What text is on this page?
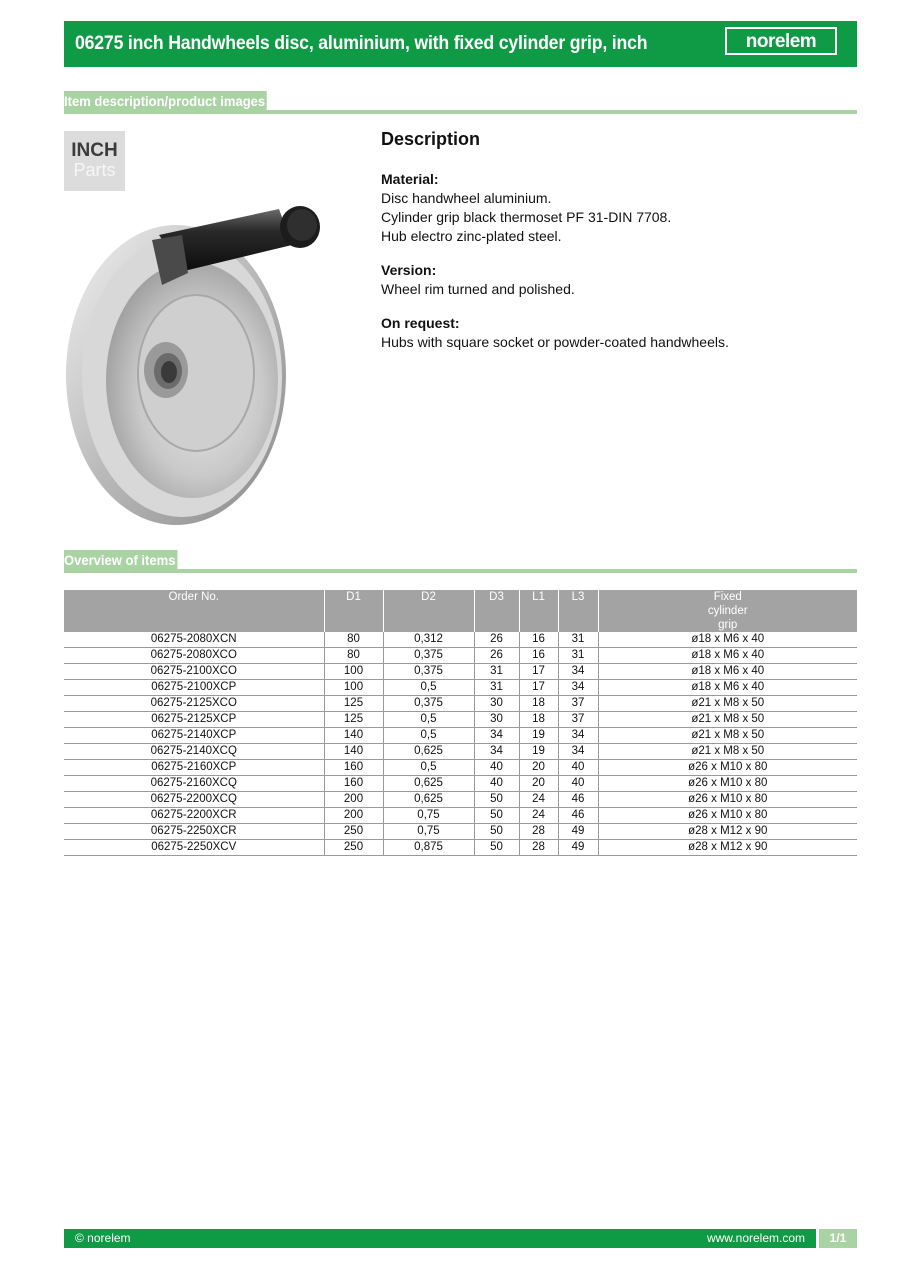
06275 inch Handwheels disc, aluminium, with fixed cylinder grip, inch	norelem
Item description/product images
INCH
Parts
Description
Material:
Disc handwheel aluminium.
Cylinder grip black thermoset PF 31-DIN 7708.
Hub electro zinc-plated steel.
Version:
Wheel rim turned and polished.
On request:
Hubs with square socket or powder-coated handwheels.
Overview of items
Order No.	D1	D2	D3	L1	L3	Fixed cylinder grip
06275-2080XCN	80	0,312	26	16	31	ø18 x M6 x 40
06275-2080XCO	80	0,375	26	16	31	ø18 x M6 x 40
06275-2100XCO	100	0,375	31	17	34	ø18 x M6 x 40
06275-2100XCP	100	0,5	31	17	34	ø18 x M6 x 40
06275-2125XCO	125	0,375	30	18	37	ø21 x M8 x 50
06275-2125XCP	125	0,5	30	18	37	ø21 x M8 x 50
06275-2140XCP	140	0,5	34	19	34	ø21 x M8 x 50
06275-2140XCQ	140	0,625	34	19	34	ø21 x M8 x 50
06275-2160XCP	160	0,5	40	20	40	ø26 x M10 x 80
06275-2160XCQ	160	0,625	40	20	40	ø26 x M10 x 80
06275-2200XCQ	200	0,625	50	24	46	ø26 x M10 x 80
06275-2200XCR	200	0,75	50	24	46	ø26 x M10 x 80
06275-2250XCR	250	0,75	50	28	49	ø28 x M12 x 90
06275-2250XCV	250	0,875	50	28	49	ø28 x M12 x 90
© norelem	www.norelem.com	1/1
